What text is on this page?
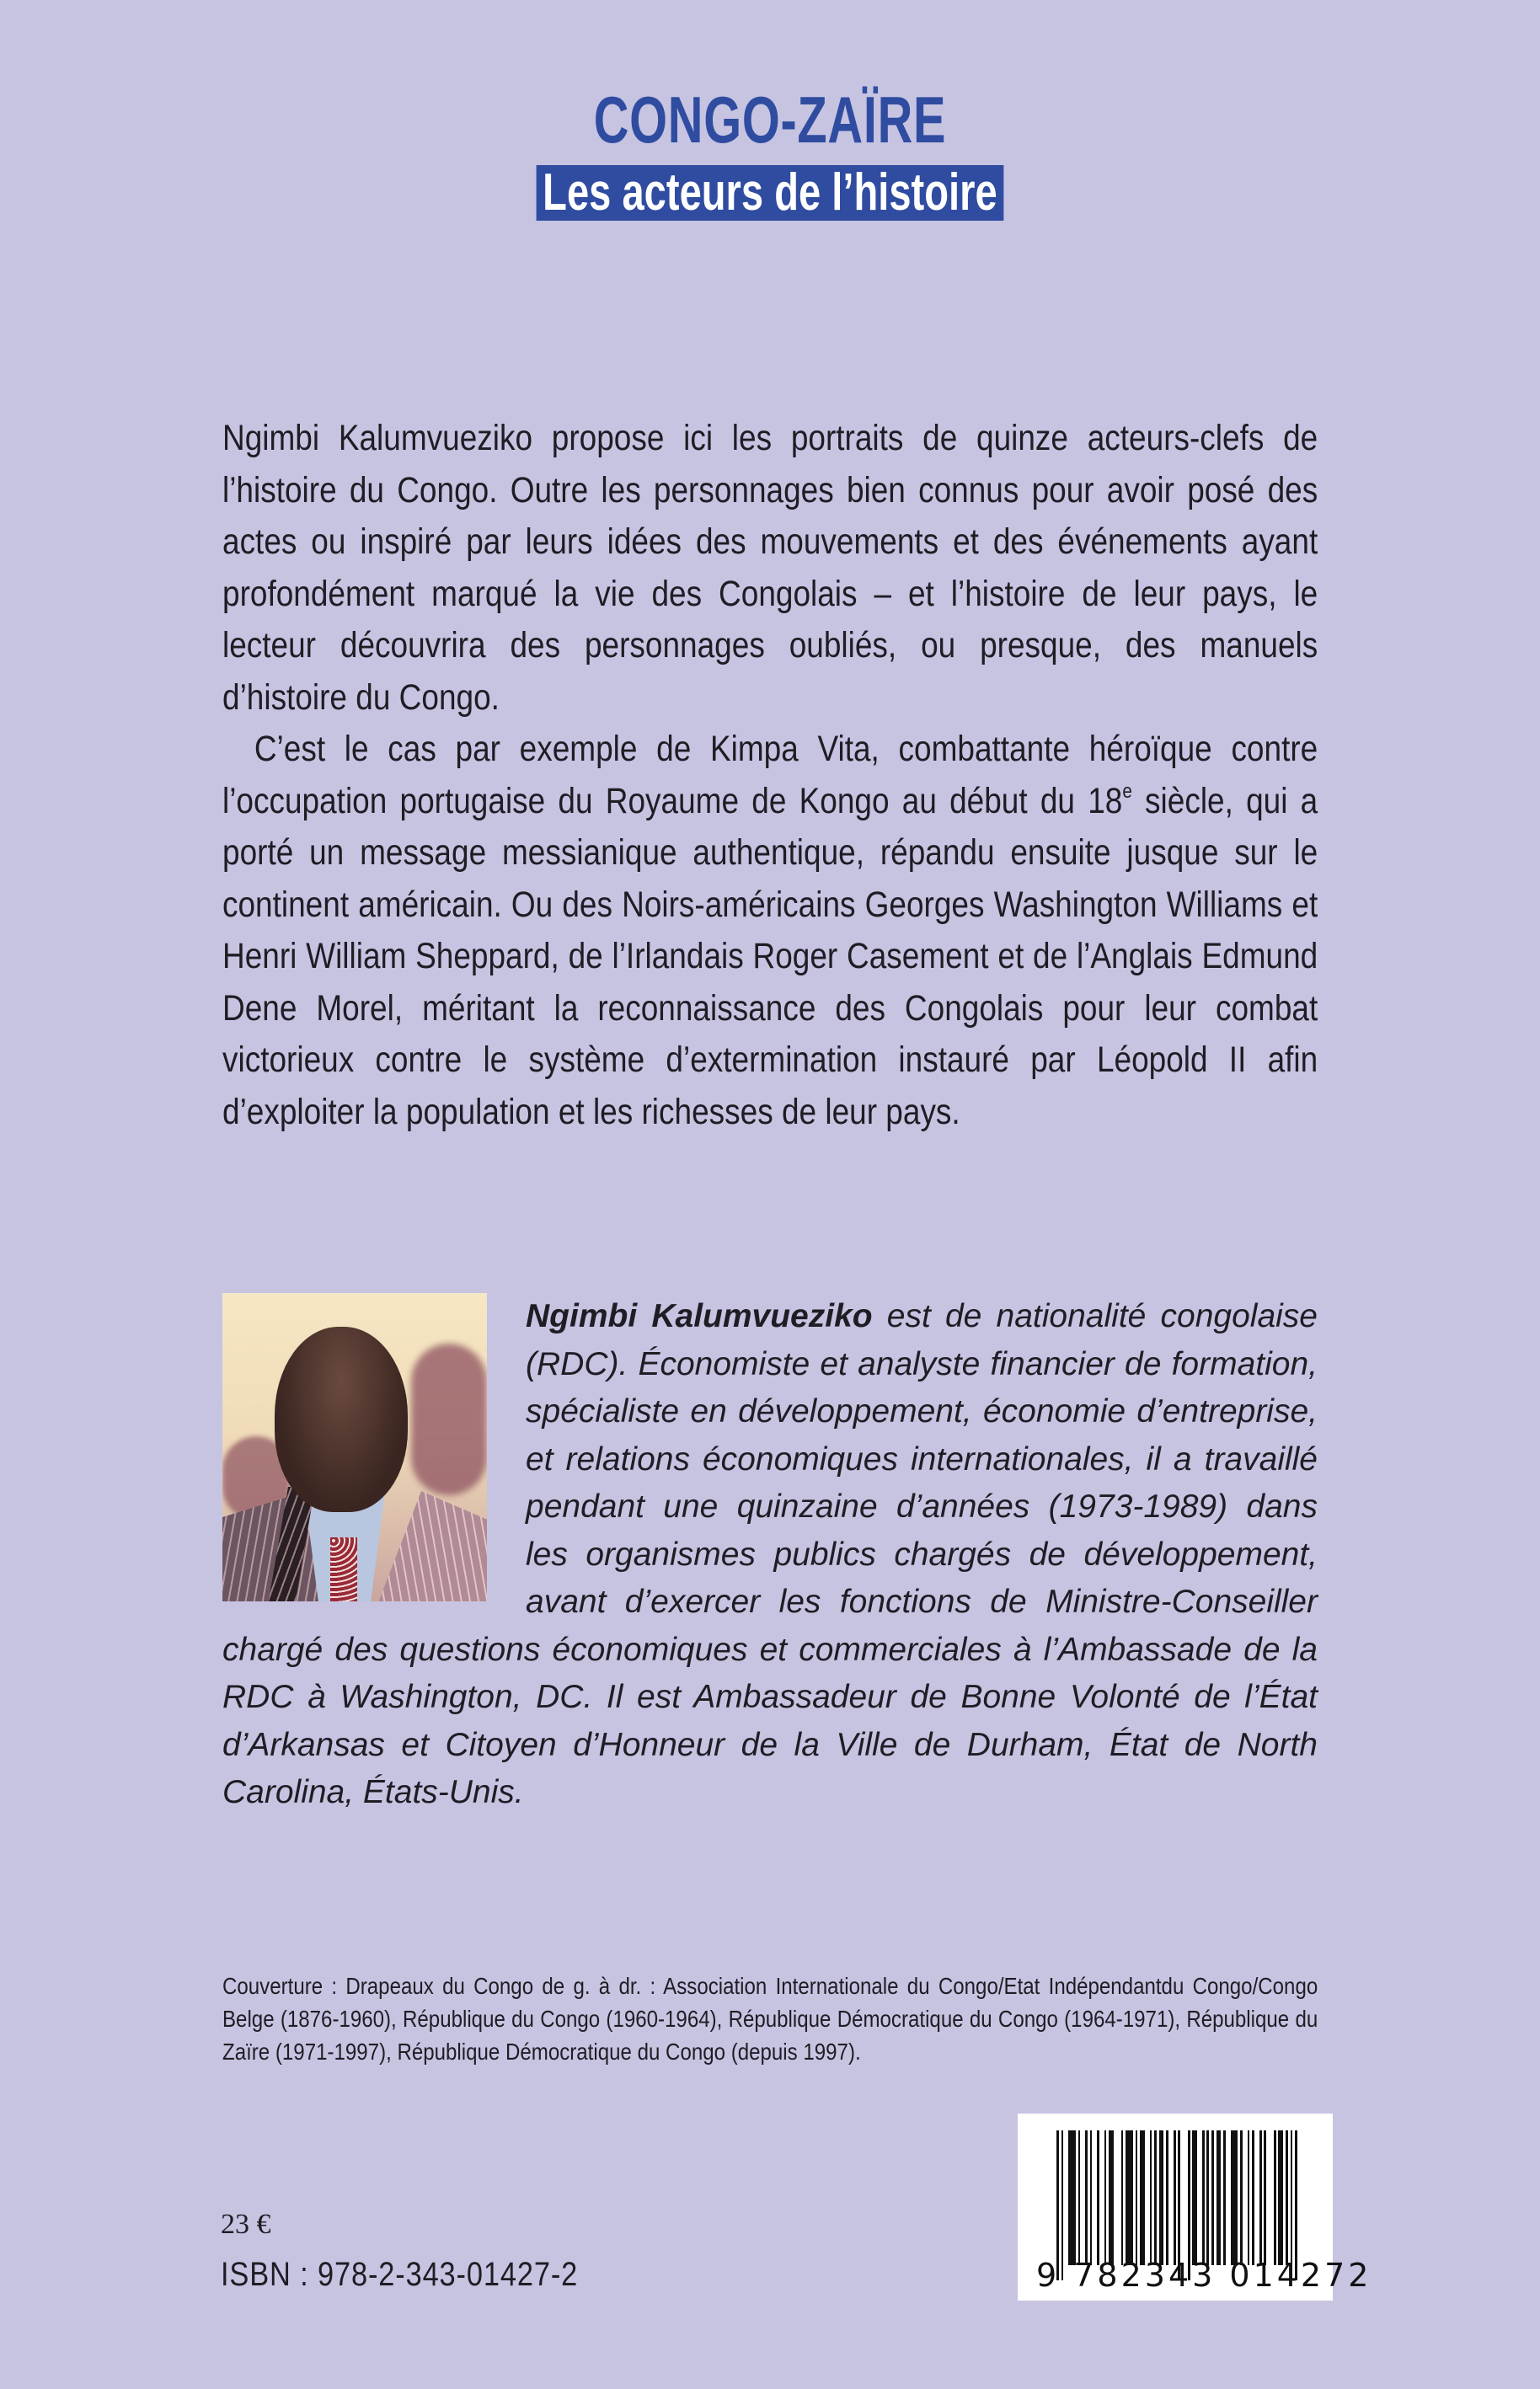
CONGO-ZAÏRE
Les acteurs de l’histoire

Ngimbi Kalumvueziko propose ici les portraits de quinze acteurs-clefs de l’histoire du Congo. Outre les personnages bien connus pour avoir posé des actes ou inspiré par leurs idées des mouvements et des événements ayant profondément marqué la vie des Congolais – et l’histoire de leur pays, le lecteur découvrira des personnages oubliés, ou presque, des manuels d’histoire du Congo.

C’est le cas par exemple de Kimpa Vita, combattante héroïque contre l’occupation portugaise du Royaume de Kongo au début du 18e siècle, qui a porté un message messianique authentique, répandu ensuite jusque sur le continent américain. Ou des Noirs-américains Georges Washington Williams et Henri William Sheppard, de l’Irlandais Roger Casement et de l’Anglais Edmund Dene Morel, méritant la reconnaissance des Congolais pour leur combat victorieux contre le système d’extermination instauré par Léopold II afin d’exploiter la population et les richesses de leur pays.

Ngimbi Kalumvueziko est de nationalité congolaise (RDC). Économiste et analyste financier de formation, spécialiste en développement, économie d’entreprise, et relations économiques internationales, il a travaillé pendant une quinzaine d’années (1973-1989) dans les organismes publics chargés de développement, avant d’exercer les fonctions de Ministre-Conseiller chargé des questions économiques et commerciales à l’Ambassade de la RDC à Washington, DC. Il est Ambassadeur de Bonne Volonté de l’État d’Arkansas et Citoyen d’Honneur de la Ville de Durham, État de North Carolina, États-Unis.
Couverture : Drapeaux du Congo de g. à dr. : Association Internationale du Congo/Etat Indépendantdu Congo/Congo Belge (1876-1960), République du Congo (1960-1964), République Démocratique du Congo (1964-1971), République du Zaïre (1971-1997), République Démocratique du Congo (depuis 1997).
23 €
ISBN : 978-2-343-01427-2	9 782343 014272
